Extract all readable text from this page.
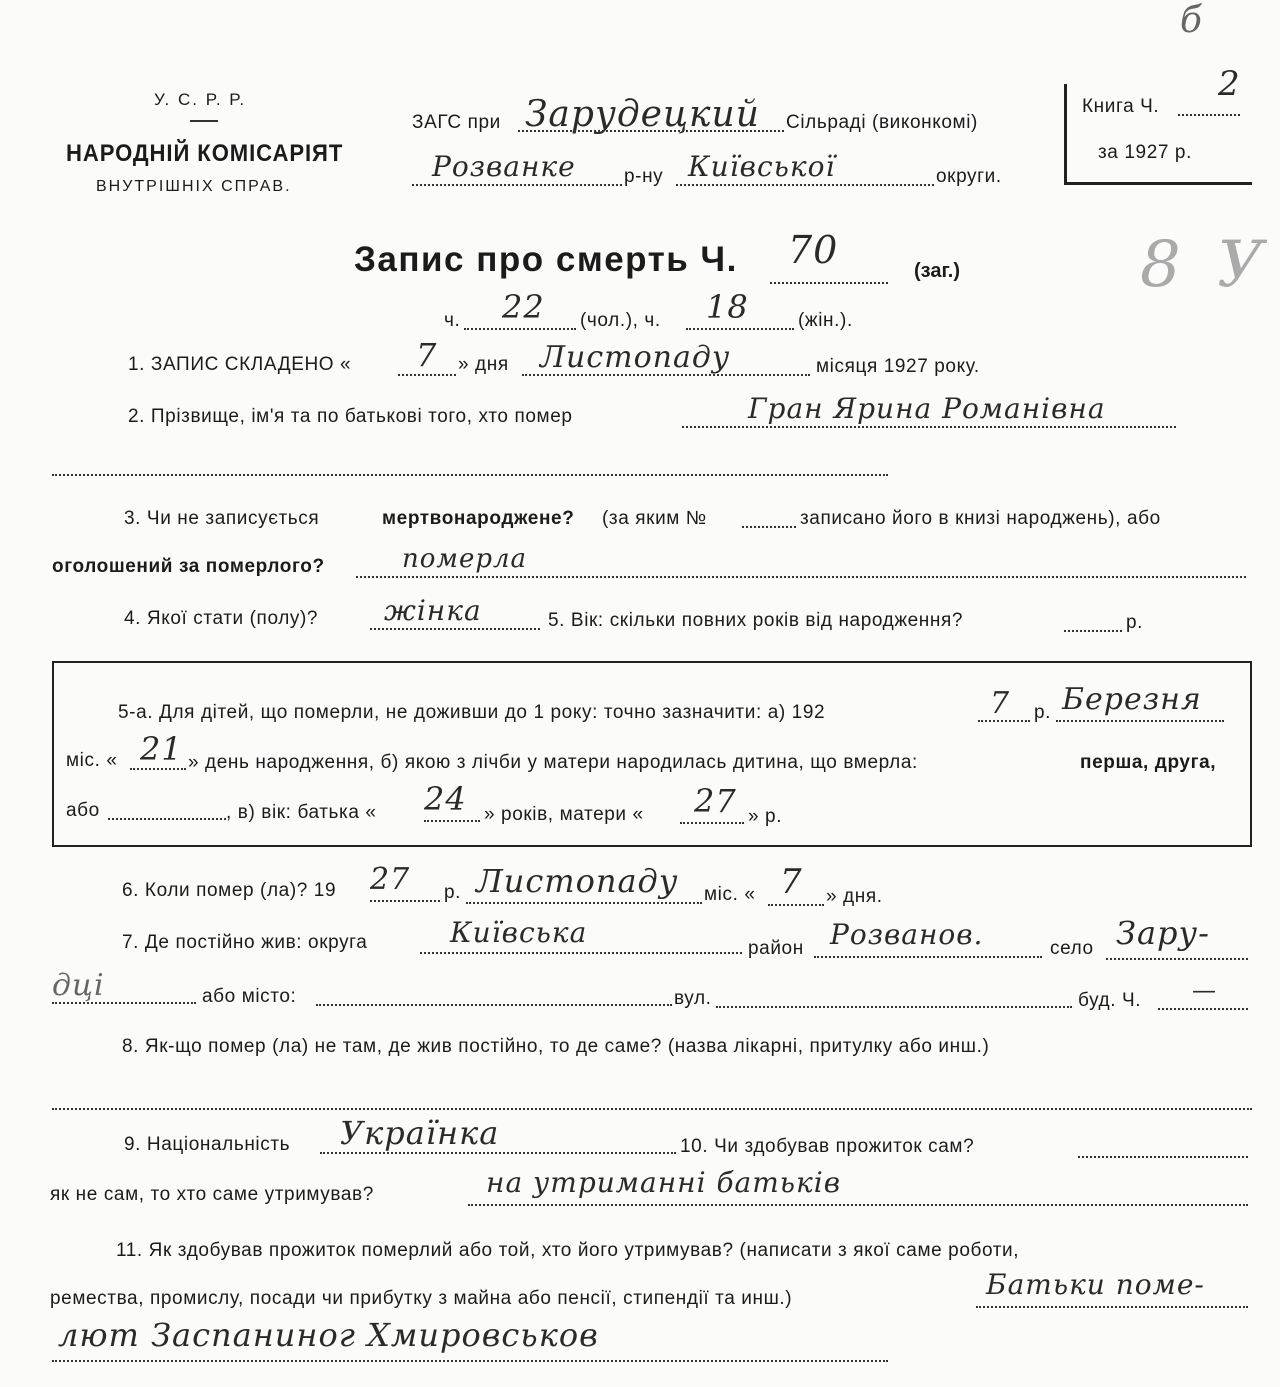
б
8 У
У. С. Р. Р.
НАРОДНІЙ КОМІСАРІЯТ
ВНУТРІШНІХ СПРАВ.
ЗАГС при Зарудецкий Сільраді (виконкомі)
Розванке	р-ну Київської	округи.
Книга Ч.
2
за 1927 р.
Запис про смерть Ч. 70	(заг.)
ч. 22 (чол.), ч. 18	(жін.).
1. ЗАПИС СКЛАДЕНО « 7 » дня Листопаду	місяця 1927 року.
2. Прізвище, ім'я та по батькові того, хто помер	Гран Ярина Романівна
3. Чи не записується	мертвонароджене? (за яким №	записано його в книзі народжень), або
оголошений за померлого?	померла
4. Якої стати (полу)? жінка	5. Вік: скільки повних років від народження?	р.
5-а. Для дітей, що померли, не доживши до 1 року: точно зазначити: а) 192	7 р. Березня
міс. « 21 » день народження, б) якою з лічби у матери народилась дитина, що вмерла:	перша, друга,
або	, в) вік: батька « 24 » років, матери « 27 » р.
6. Коли помер (ла)? 19 27 р. Листопаду міс. « 7 » дня.
7. Де постійно жив: округа	Київська	район Розванов.	село Зару-
дці	або місто:	вул.	буд. Ч. —
8. Як-що помер (ла) не там, де жив постійно, то де саме? (назва лікарні, притулку або инш.)
9. Національність Українка	10. Чи здобував прожиток сам?
як не сам, то хто саме утримував?	на утриманні батьків
11. Як здобував прожиток померлий або той, хто його утримував? (написати з якої саме роботи,
ремества, промислу, посади чи прибутку з майна або пенсії, стипендії та инш.)	Батьки поме-
лют Заспаниног Хмировськов
